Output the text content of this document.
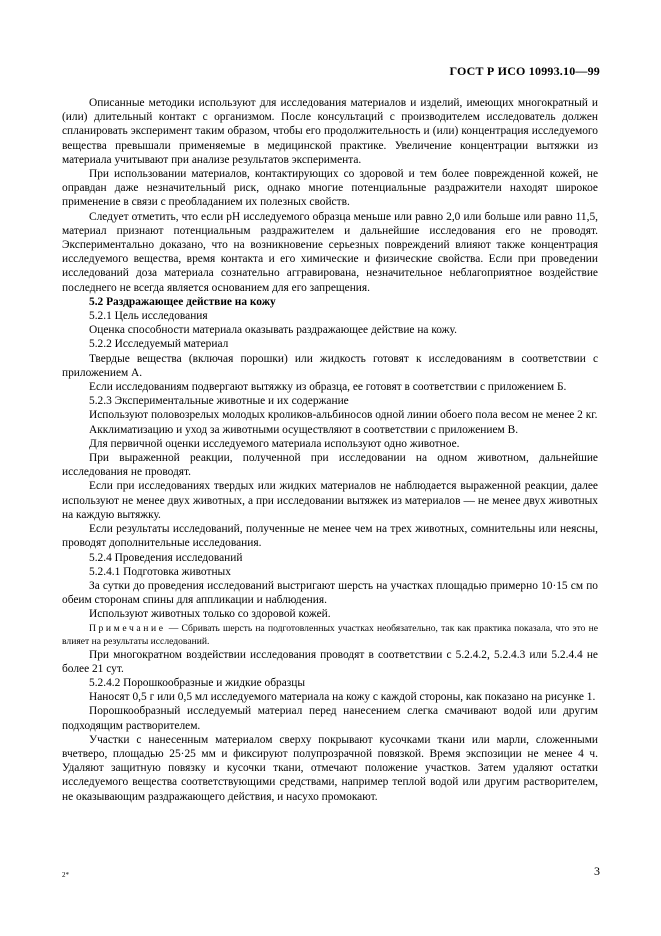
ГОСТ Р ИСО 10993.10—99

Описанные методики используют для исследования материалов и изделий, имеющих многократный и (или) длительный контакт с организмом. После консультаций с производителем исследователь должен спланировать эксперимент таким образом, чтобы его продолжительность и (или) концентрация исследуемого вещества превышали применяемые в медицинской практике. Увеличение концентрации вытяжки из материала учитывают при анализе результатов эксперимента.

При использовании материалов, контактирующих со здоровой и тем более поврежденной кожей, не оправдан даже незначительный риск, однако многие потенциальные раздражители находят широкое применение в связи с преобладанием их полезных свойств.

Следует отметить, что если pH исследуемого образца меньше или равно 2,0 или больше или равно 11,5, материал признают потенциальным раздражителем и дальнейшие исследования его не проводят. Экспериментально доказано, что на возникновение серьезных повреждений влияют также концентрация исследуемого вещества, время контакта и его химические и физические свойства. Если при проведении исследований доза материала сознательно аггравирована, незначительное неблагоприятное воздействие последнего не всегда является основанием для его запрещения.

5.2 Раздражающее действие на кожу

5.2.1 Цель исследования

Оценка способности материала оказывать раздражающее действие на кожу.

5.2.2 Исследуемый материал

Твердые вещества (включая порошки) или жидкость готовят к исследованиям в соответствии с приложением А.

Если исследованиям подвергают вытяжку из образца, ее готовят в соответствии с приложением Б.

5.2.3 Экспериментальные животные и их содержание

Используют половозрелых молодых кроликов-альбиносов одной линии обоего пола весом не менее 2 кг.

Акклиматизацию и уход за животными осуществляют в соответствии с приложением В.

Для первичной оценки исследуемого материала используют одно животное.

При выраженной реакции, полученной при исследовании на одном животном, дальнейшие исследования не проводят.

Если при исследованиях твердых или жидких материалов не наблюдается выраженной реакции, далее используют не менее двух животных, а при исследовании вытяжек из материалов — не менее двух животных на каждую вытяжку.

Если результаты исследований, полученные не менее чем на трех животных, сомнительны или неясны, проводят дополнительные исследования.

5.2.4 Проведения исследований

5.2.4.1 Подготовка животных

За сутки до проведения исследований выстригают шерсть на участках площадью примерно 10·15 см по обеим сторонам спины для аппликации и наблюдения.

Используют животных только со здоровой кожей.

Примечание — Сбривать шерсть на подготовленных участках необязательно, так как практика показала, что это не влияет на результаты исследований.

При многократном воздействии исследования проводят в соответствии с 5.2.4.2, 5.2.4.3 или 5.2.4.4 не более 21 сут.

5.2.4.2 Порошкообразные и жидкие образцы

Наносят 0,5 г или 0,5 мл исследуемого материала на кожу с каждой стороны, как показано на рисунке 1.

Порошкообразный исследуемый материал перед нанесением слегка смачивают водой или другим подходящим растворителем.

Участки с нанесенным материалом сверху покрывают кусочками ткани или марли, сложенными вчетверо, площадью 25·25 мм и фиксируют полупрозрачной повязкой. Время экспозиции не менее 4 ч. Удаляют защитную повязку и кусочки ткани, отмечают положение участков. Затем удаляют остатки исследуемого вещества соответствующими средствами, например теплой водой или другим растворителем, не оказывающим раздражающего действия, и насухо промокают.

2*	3
